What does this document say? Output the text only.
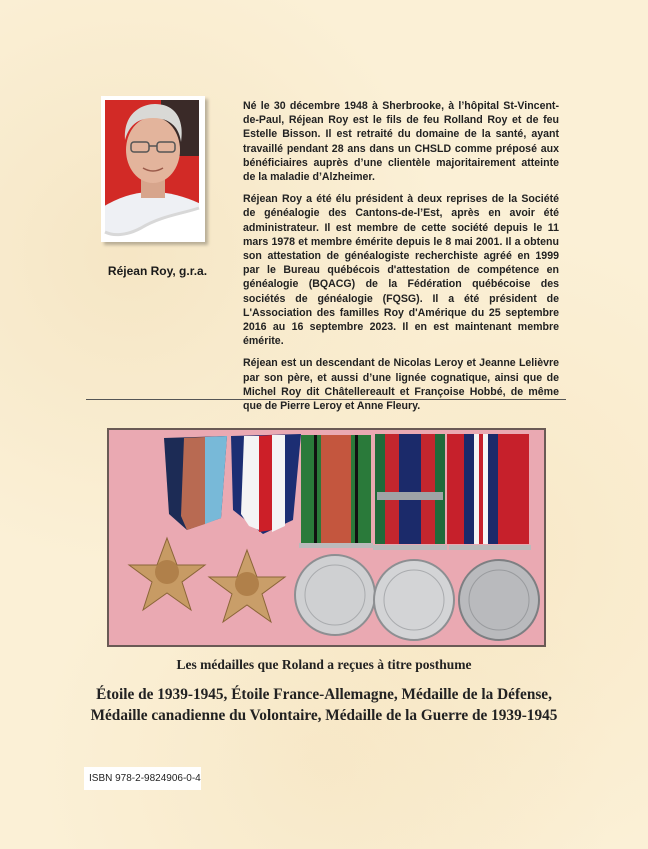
Réjean Roy, g.r.a.

Né le 30 décembre 1948 à Sherbrooke, à l’hôpital St-Vincent-de-Paul, Réjean Roy est le fils de feu Rolland Roy et de feu Estelle Bisson. Il est retraité du domaine de la santé, ayant travaillé pendant 28 ans dans un CHSLD comme préposé aux bénéficiaires auprès d’une clientèle majoritairement atteinte de la maladie d’Alzheimer.

Réjean Roy a été élu président à deux reprises de la Société de généalogie des Cantons-de-l’Est, après en avoir été administrateur. Il est membre de cette société depuis le 11 mars 1978 et membre émérite depuis le 8 mai 2001. Il a obtenu son attestation de généalogiste recherchiste agréé en 1999 par le Bureau québécois d'attestation de compétence en généalogie (BQACG) de la Fédération québécoise des sociétés de généalogie (FQSG). Il a été président de L'Association des familles Roy d'Amérique du 25 septembre 2016 au 16 septembre 2023. Il en est maintenant membre émérite.

Réjean est un descendant de Nicolas Leroy et Jeanne Lelièvre par son père, et aussi d’une lignée cognatique, ainsi que de Michel Roy dit Châtellereault et Françoise Hobbé, de même que de Pierre Leroy et Anne Fleury.

Les médailles que Roland a reçues à titre posthume
Étoile de 1939-1945, Étoile France-Allemagne, Médaille de la Défense,
Médaille canadienne du Volontaire, Médaille de la Guerre de 1939-1945
ISBN 978-2-9824906-0-4
